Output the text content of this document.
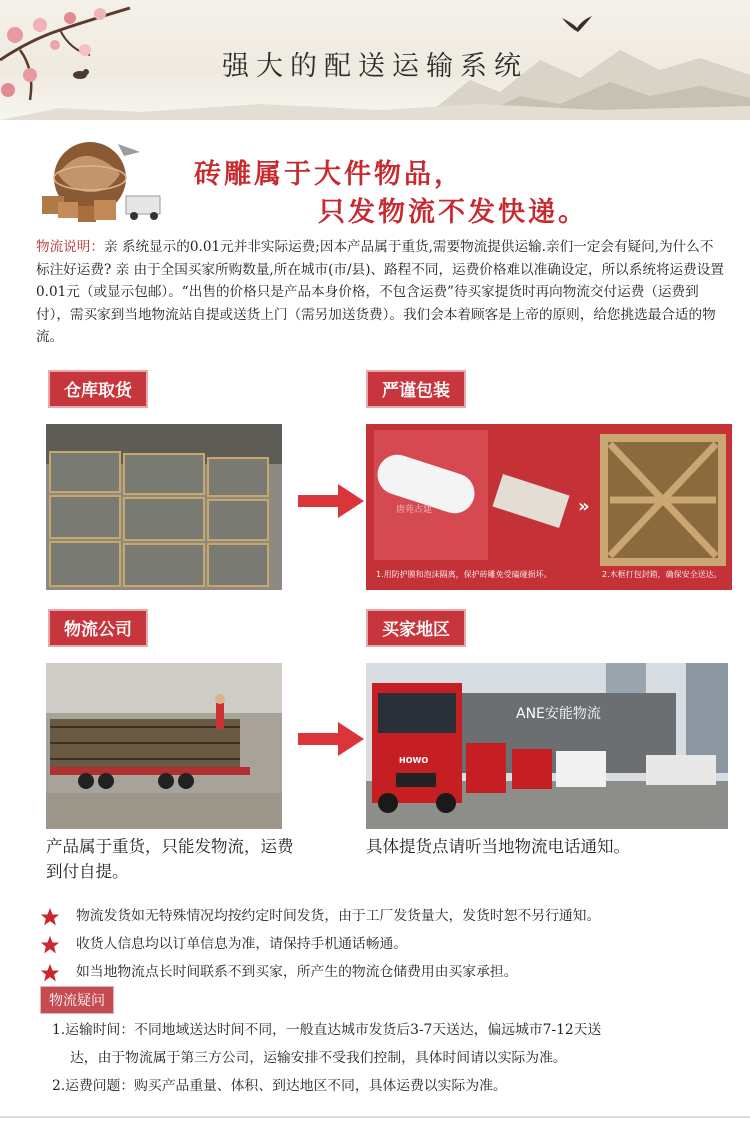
强大的配送运输系统
砖雕属于大件物品，
只发物流不发快递。
物流说明：亲 系统显示的0.01元并非实际运费;因本产品属于重货,需要物流提供运输.亲们一定会有疑问,为什么不标注好运费? 亲 由于全国买家所购数量,所在城市(市/县)、路程不同，运费价格难以准确设定，所以系统将运费设置0.01元（或显示包邮）。“出售的价格只是产品本身价格，不包含运费”待买家提货时再向物流交付运费（运费到付），需买家到当地物流站自提或送货上门（需另加送货费）。我们会本着顾客是上帝的原则，给您挑选最合适的物流。
仓库取货	严谨包装
物流公司	买家地区
»
1.用防护膜和泡沫隔离，保护砖雕免受磕碰损坏。	2.木框打包封箱，确保安全送达。
唐苑古建
HOWO
ANE安能物流
产品属于重货，只能发物流，运费到付自提。
具体提货点请听当地物流电话通知。
物流发货如无特殊情况均按约定时间发货，由于工厂发货量大，发货时恕不另行通知。
收货人信息均以订单信息为准，请保持手机通话畅通。
如当地物流点长时间联系不到买家，所产生的物流仓储费用由买家承担。
物流疑问
1.运输时间：不同地域送达时间不同，一般直达城市发货后3-7天送达，偏远城市7-12天送
达，由于物流属于第三方公司，运输安排不受我们控制，具体时间请以实际为准。
2.运费问题：购买产品重量、体积、到达地区不同，具体运费以实际为准。
